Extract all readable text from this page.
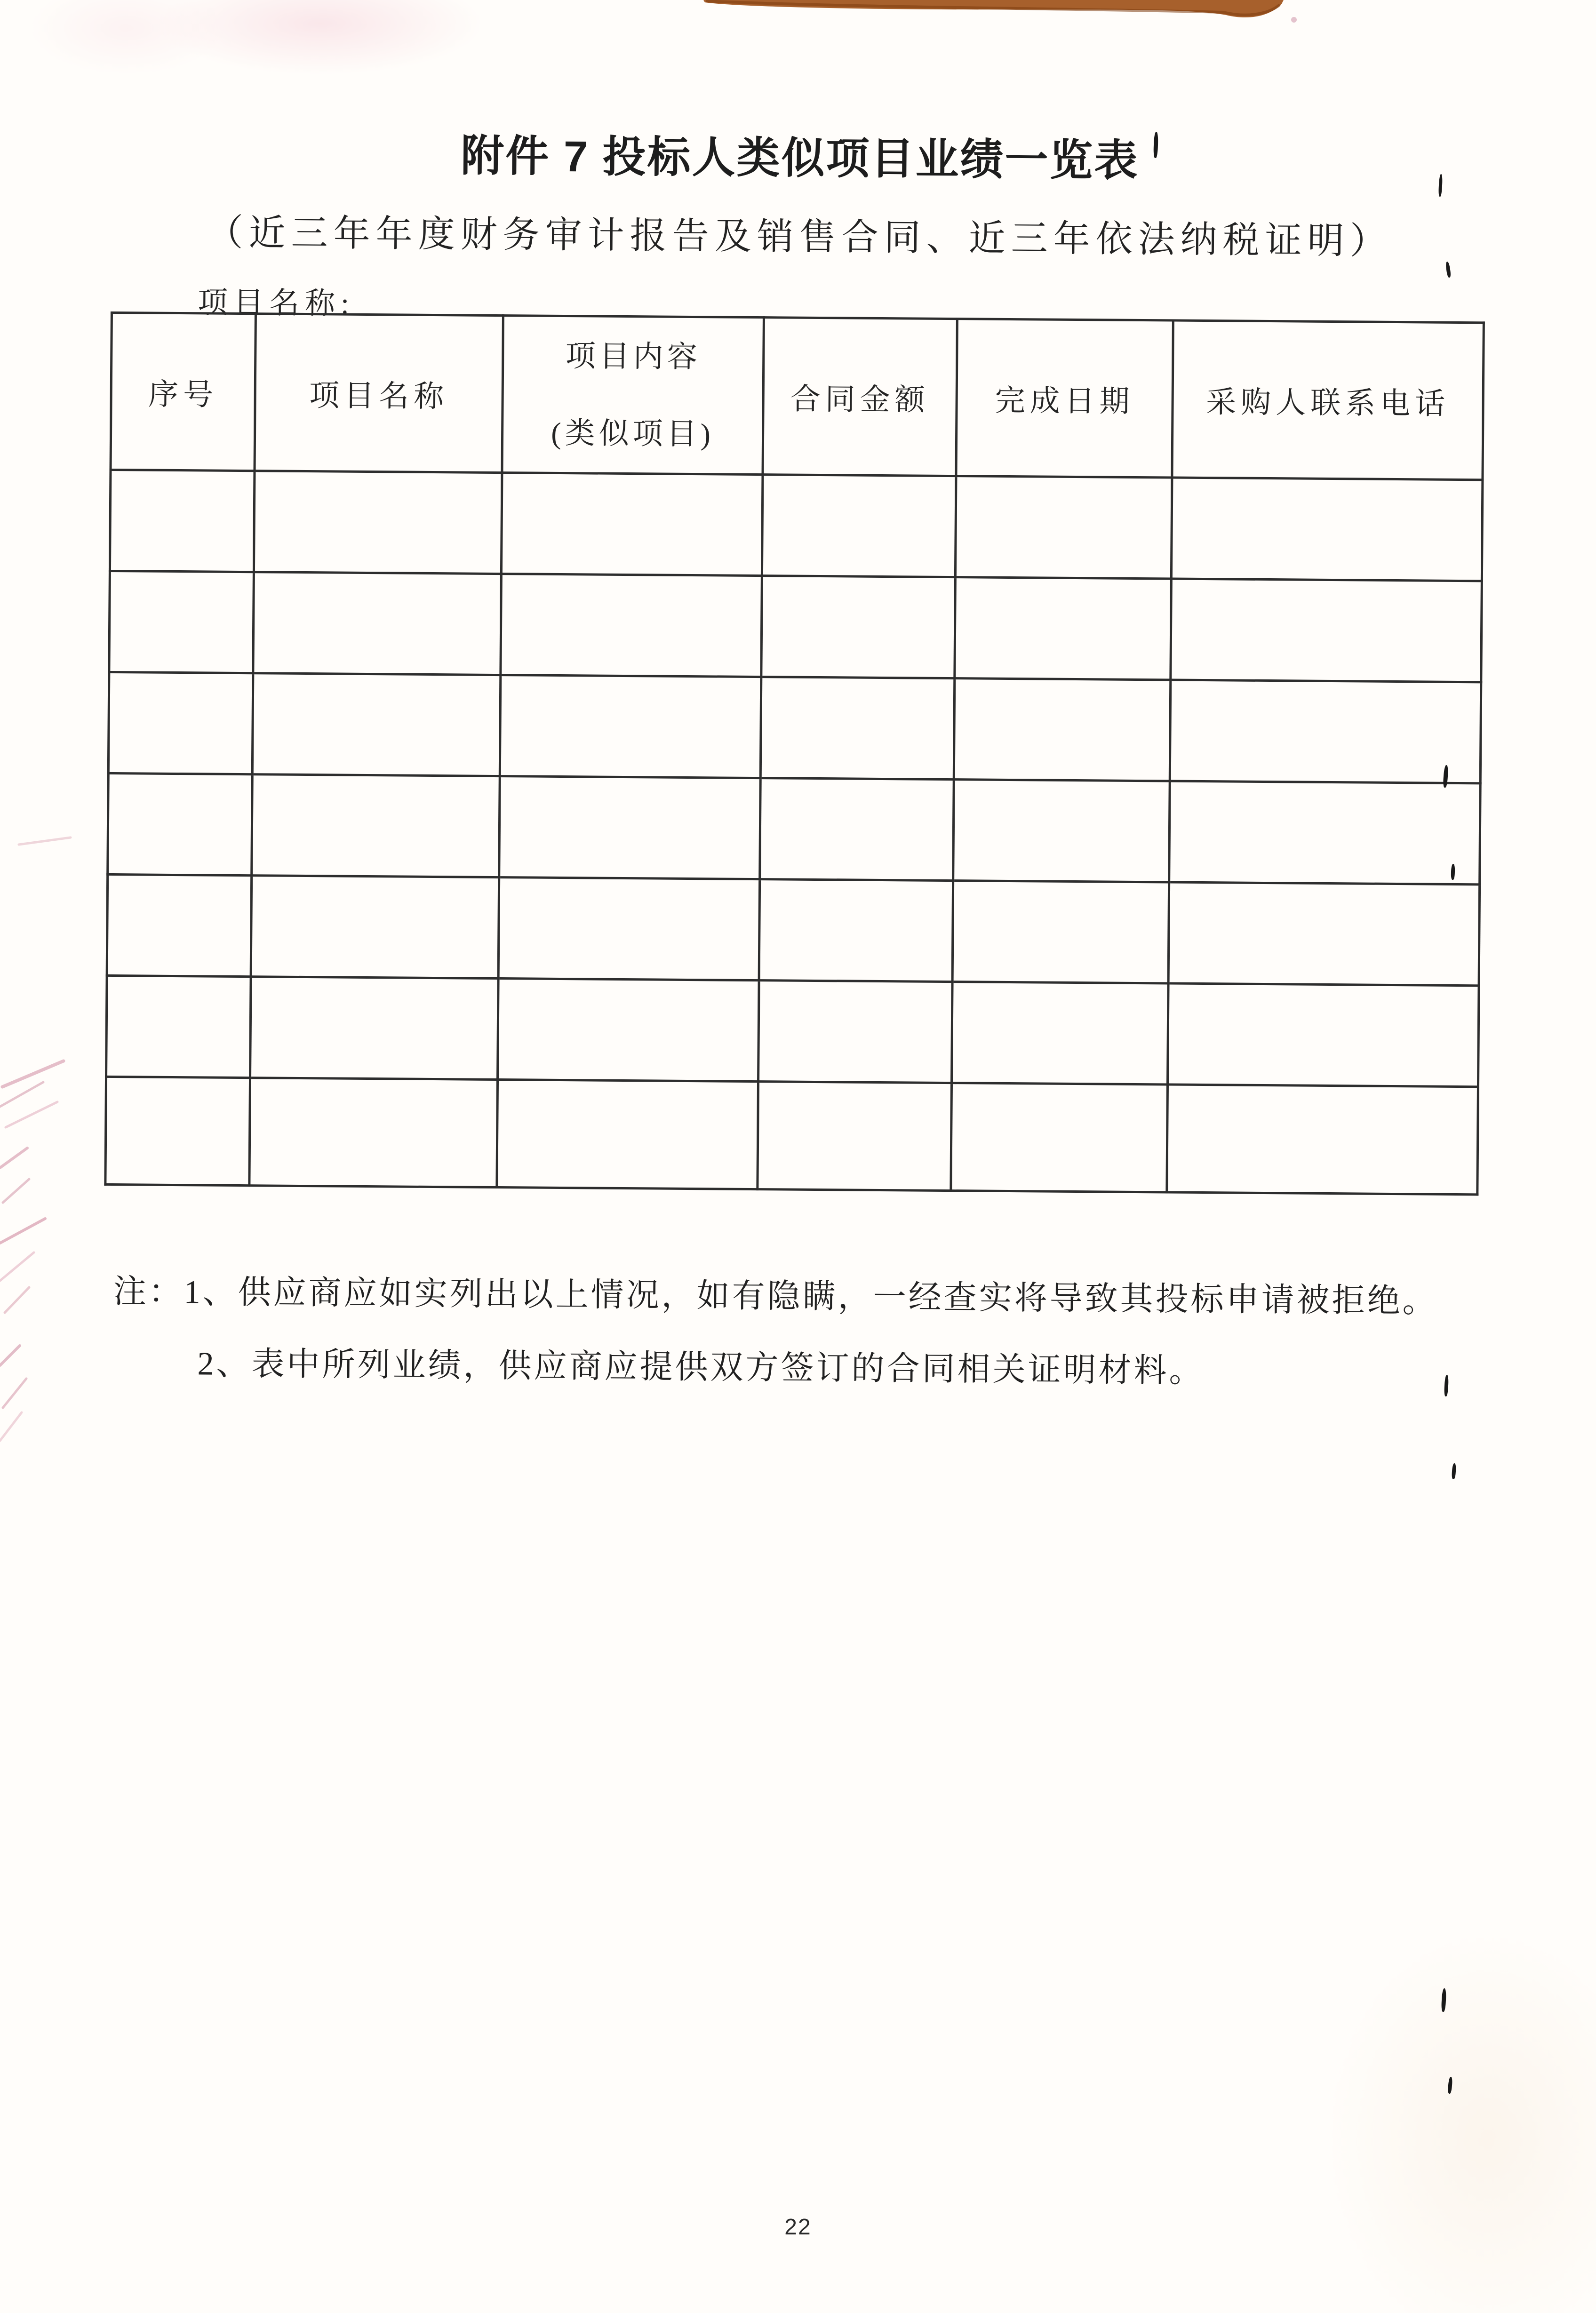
附件 7 投标人类似项目业绩一览表
（近三年年度财务审计报告及销售合同、近三年依法纳税证明）
项目名称:
序号	项目名称	项目内容(类似项目)	合同金额	完成日期	采购人联系电话

注：1、供应商应如实列出以上情况，如有隐瞒，一经查实将导致其投标申请被拒绝。
2、表中所列业绩，供应商应提供双方签订的合同相关证明材料。
22
